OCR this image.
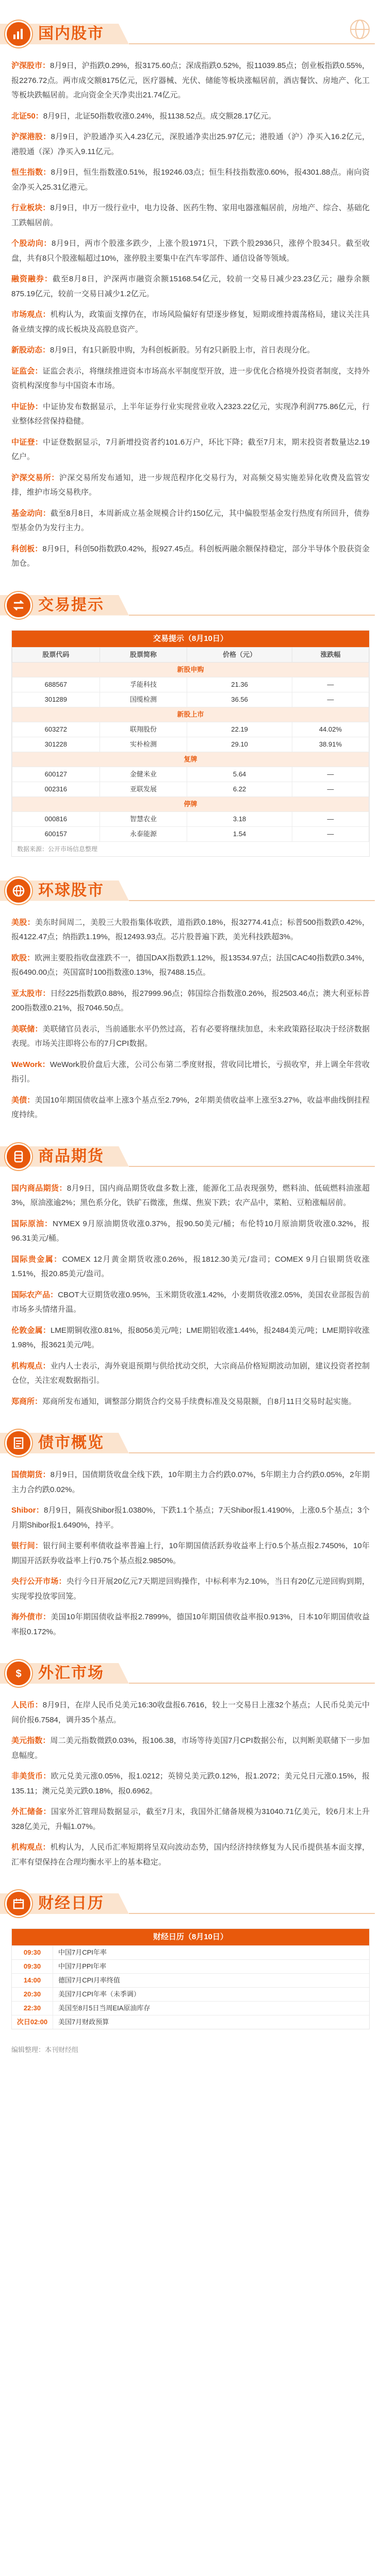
国内股市

沪深股市：8月9日，沪指跌0.29%，报3175.60点；深成指跌0.52%，报11039.85点；创业板指跌0.55%，报2276.72点。两市成交额8175亿元，医疗器械、光伏、储能等板块涨幅居前，酒店餐饮、房地产、化工等板块跌幅居前。北向资金全天净卖出21.74亿元。

北证50：8月9日，北证50指数收涨0.24%，报1138.52点。成交额28.17亿元。

沪深港股：8月9日，沪股通净买入4.23亿元，深股通净卖出25.97亿元；港股通（沪）净买入16.2亿元，港股通（深）净买入9.11亿元。

恒生指数：8月9日，恒生指数涨0.51%，报19246.03点；恒生科技指数涨0.60%，报4301.88点。南向资金净买入25.31亿港元。

行业板块：8月9日，申万一级行业中，电力设备、医药生物、家用电器涨幅居前，房地产、综合、基础化工跌幅居前。

个股动向：8月9日，两市个股涨多跌少，上涨个股1971只，下跌个股2936只，涨停个股34只。截至收盘，共有8只个股涨幅超过10%，涨停股主要集中在汽车零部件、通信设备等领域。

融资融券：截至8月8日，沪深两市融资余额15168.54亿元，较前一交易日减少23.23亿元；融券余额875.19亿元，较前一交易日减少1.2亿元。

市场观点：机构认为，政策面支撑仍在，市场风险偏好有望逐步修复，短期或维持震荡格局，建议关注具备业绩支撑的成长板块及高股息资产。

新股动态：8月9日，有1只新股申购，为科创板新股。另有2只新股上市，首日表现分化。

证监会：证监会表示，将继续推进资本市场高水平制度型开放，进一步优化合格境外投资者制度，支持外资机构深度参与中国资本市场。

中证协：中证协发布数据显示，上半年证券行业实现营业收入2323.22亿元，实现净利润775.86亿元，行业整体经营保持稳健。

中证登：中证登数据显示，7月新增投资者约101.6万户，环比下降；截至7月末，期末投资者数量达2.19亿户。

沪深交易所：沪深交易所发布通知，进一步规范程序化交易行为，对高频交易实施差异化收费及监管安排，维护市场交易秩序。

基金动向：截至8月8日，本周新成立基金规模合计约150亿元，其中偏股型基金发行热度有所回升，债券型基金仍为发行主力。

科创板：8月9日，科创50指数跌0.42%，报927.45点。科创板两融余额保持稳定，部分半导体个股获资金加仓。

交易提示
交易提示（8月10日）
股票代码	股票简称	价格（元）	涨跌幅
新股申购			
688567	孚能科技	21.36	—
301289	国缆检测	36.56	—
新股上市			
603272	联翔股份	22.19	44.02%
301228	实朴检测	29.10	38.91%
复牌			
600127	金健米业	5.64	—
002316	亚联发展	6.22	—
停牌			
000816	智慧农业	3.18	—
600157	永泰能源	1.54	—
数据来源：公开市场信息整理
环球股市

美股：美东时间周二，美股三大股指集体收跌，道指跌0.18%，报32774.41点；标普500指数跌0.42%，报4122.47点；纳指跌1.19%，报12493.93点。芯片股普遍下跌，美光科技跌超3%。

欧股：欧洲主要股指收盘涨跌不一，德国DAX指数跌1.12%，报13534.97点；法国CAC40指数跌0.34%，报6490.00点；英国富时100指数涨0.13%，报7488.15点。

亚太股市：日经225指数跌0.88%，报27999.96点；韩国综合指数涨0.26%，报2503.46点；澳大利亚标普200指数涨0.21%，报7046.50点。

美联储：美联储官员表示，当前通胀水平仍然过高，若有必要将继续加息，未来政策路径取决于经济数据表现。市场关注即将公布的7月CPI数据。

WeWork：WeWork股价盘后大涨，公司公布第二季度财报，营收同比增长，亏损收窄，并上调全年营收指引。

美债：美国10年期国债收益率上涨3个基点至2.79%，2年期美债收益率上涨至3.27%，收益率曲线倒挂程度持续。

商品期货

国内商品期货：8月9日，国内商品期货收盘多数上涨，能源化工品表现强势，燃料油、低硫燃料油涨超3%，原油涨逾2%；黑色系分化，铁矿石微涨，焦煤、焦炭下跌；农产品中，菜粕、豆粕涨幅居前。

国际原油：NYMEX 9月原油期货收涨0.37%，报90.50美元/桶；布伦特10月原油期货收涨0.32%，报96.31美元/桶。

国际贵金属：COMEX 12月黄金期货收涨0.26%，报1812.30美元/盎司；COMEX 9月白银期货收涨1.51%，报20.85美元/盎司。

国际农产品：CBOT大豆期货收涨0.95%，玉米期货收涨1.42%，小麦期货收涨2.05%，美国农业部报告前市场多头情绪升温。

伦敦金属：LME期铜收涨0.81%，报8056美元/吨；LME期铝收涨1.44%，报2484美元/吨；LME期锌收涨1.98%，报3621美元/吨。

机构观点：业内人士表示，海外衰退预期与供给扰动交织，大宗商品价格短期波动加剧，建议投资者控制仓位，关注宏观数据指引。

郑商所：郑商所发布通知，调整部分期货合约交易手续费标准及交易限额，自8月11日交易时起实施。

债市概览

国债期货：8月9日，国债期货收盘全线下跌，10年期主力合约跌0.07%，5年期主力合约跌0.05%，2年期主力合约跌0.02%。

Shibor：8月9日，隔夜Shibor报1.0380%，下跌1.1个基点；7天Shibor报1.4190%，上涨0.5个基点；3个月期Shibor报1.6490%，持平。

银行间：银行间主要利率债收益率普遍上行，10年期国债活跃券收益率上行0.5个基点报2.7450%，10年期国开活跃券收益率上行0.75个基点报2.9850%。

央行公开市场：央行今日开展20亿元7天期逆回购操作，中标利率为2.10%，当日有20亿元逆回购到期，实现零投放零回笼。

海外债市：美国10年期国债收益率报2.7899%，德国10年期国债收益率报0.913%，日本10年期国债收益率报0.172%。

$ 外汇市场

人民币：8月9日，在岸人民币兑美元16:30收盘报6.7616，较上一交易日上涨32个基点；人民币兑美元中间价报6.7584，调升35个基点。

美元指数：周二美元指数微跌0.03%，报106.38，市场等待美国7月CPI数据公布，以判断美联储下一步加息幅度。

非美货币：欧元兑美元涨0.05%，报1.0212；英镑兑美元跌0.12%，报1.2072；美元兑日元涨0.15%，报135.11；澳元兑美元跌0.18%，报0.6962。

外汇储备：国家外汇管理局数据显示，截至7月末，我国外汇储备规模为31040.71亿美元，较6月末上升328亿美元，升幅1.07%。

机构观点：机构认为，人民币汇率短期将呈双向波动态势，国内经济持续修复为人民币提供基本面支撑，汇率有望保持在合理均衡水平上的基本稳定。

财经日历
财经日历（8月10日）
09:30	中国7月CPI年率
09:30	中国7月PPI年率
14:00	德国7月CPI月率终值
20:30	美国7月CPI年率（未季调）
22:30	美国至8月5日当周EIA原油库存
次日02:00	美国7月财政预算
编辑整理：本刊财经组
